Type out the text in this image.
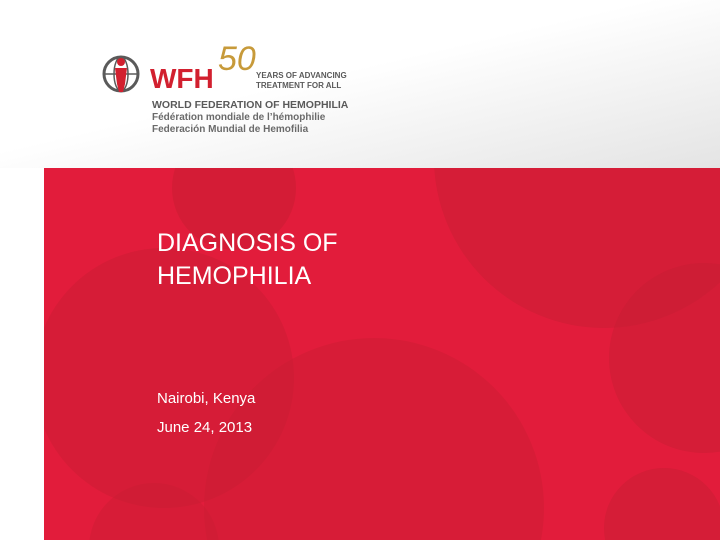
WFH
50 YEARS OF ADVANCING
TREATMENT FOR ALL
WORLD FEDERATION OF HEMOPHILIA
Fédération mondiale de l’hémophilie
Federación Mundial de Hemofilia
DIAGNOSIS OF
HEMOPHILIA
Nairobi, Kenya
June 24, 2013
